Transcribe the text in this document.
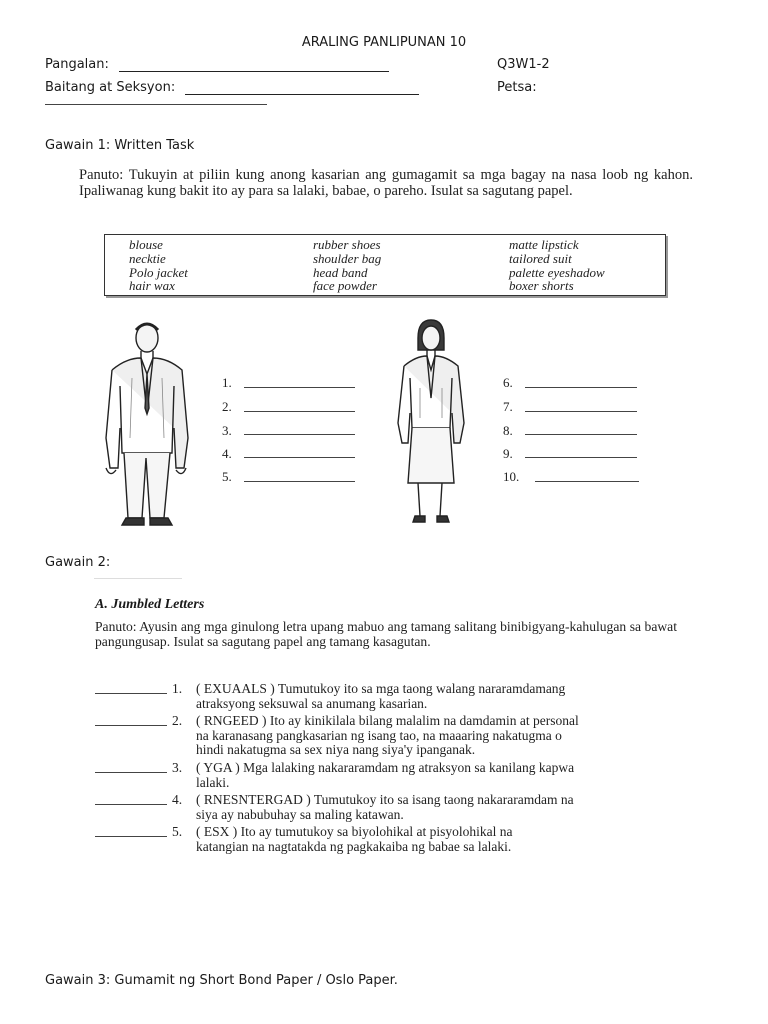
ARALING PANLIPUNAN 10
Pangalan:	Q3W1-2
Baitang at Seksyon:	Petsa:
Gawain 1: Written Task
Panuto: Tukuyin at piliin kung anong kasarian ang gumagamit sa mga bagay na nasa loob ng kahon. Ipaliwanag kung bakit ito ay para sa lalaki, babae, o pareho. Isulat sa sagutang papel.
blouse
necktie
Polo jacket
hair wax
rubber shoes
shoulder bag
head band
face powder
matte lipstick
tailored suit
palette eyeshadow
boxer shorts
1.
2.
3.
4.
5.
6.
7.
8.
9.
10.
Gawain 2:
A. Jumbled Letters
Panuto: Ayusin ang mga ginulong letra upang mabuo ang tamang salitang binibigyang-kahulugan sa bawat pangungusap. Isulat sa sagutang papel ang tamang kasagutan.
1. ( EXUAALS ) Tumutukoy ito sa mga taong walang nararamdamang
atraksyong seksuwal sa anumang kasarian.
2. ( RNGEED ) Ito ay kinikilala bilang malalim na damdamin at personal
na karanasang pangkasarian ng isang tao, na maaaring nakatugma o
hindi nakatugma sa sex niya nang siya'y ipanganak.
3. ( YGA ) Mga lalaking nakararamdam ng atraksyon sa kanilang kapwa
lalaki.
4. ( RNESNTERGAD ) Tumutukoy ito sa isang taong nakararamdam na
siya ay nabubuhay sa maling katawan.
5. ( ESX ) Ito ay tumutukoy sa biyolohikal at pisyolohikal na
katangian na nagtatakda ng pagkakaiba ng babae sa lalaki.
Gawain 3: Gumamit ng Short Bond Paper / Oslo Paper.
